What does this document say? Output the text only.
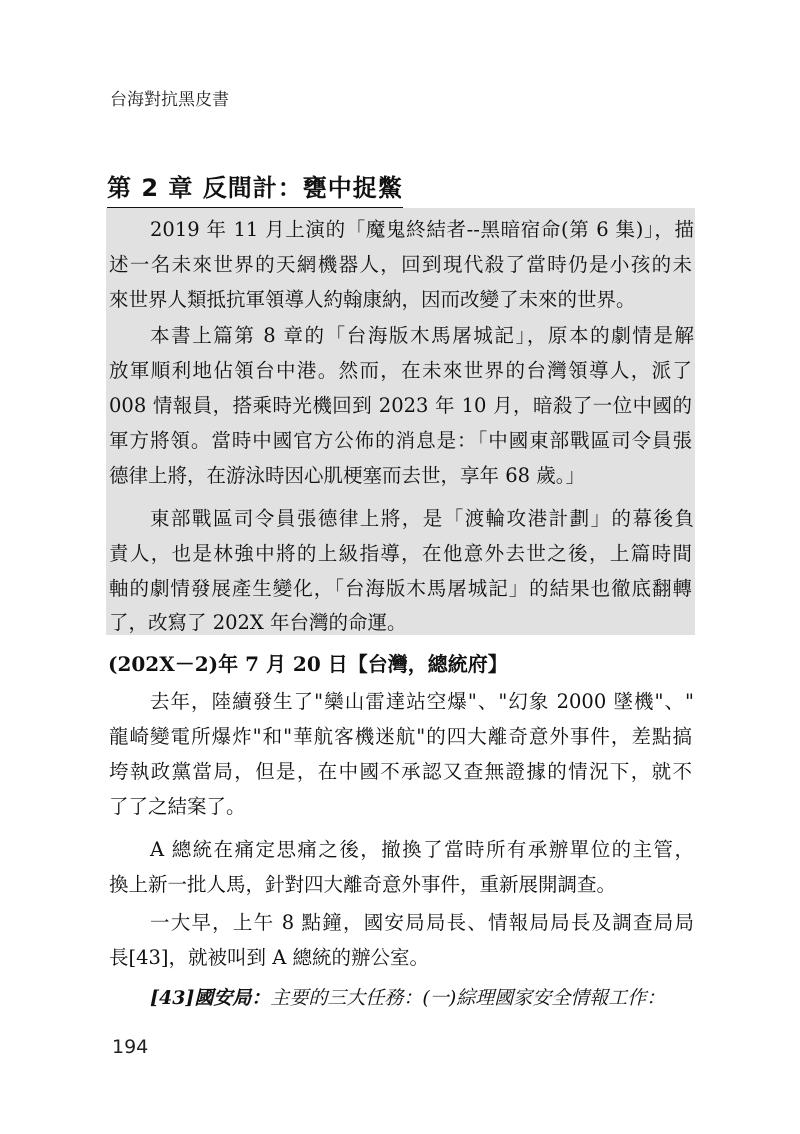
台海對抗黑皮書
第 2 章 反間計：甕中捉鱉
2019 年 11 月上演的「魔鬼終結者--黑暗宿命(第 6 集)」，描
述一名未來世界的天網機器人，回到現代殺了當時仍是小孩的未
來世界人類抵抗軍領導人約翰康納，因而改變了未來的世界。
本書上篇第 8 章的「台海版木馬屠城記」，原本的劇情是解
放軍順利地佔領台中港。然而，在未來世界的台灣領導人，派了
008 情報員，搭乘時光機回到 2023 年 10 月，暗殺了一位中國的
軍方將領。當時中國官方公佈的消息是：「中國東部戰區司令員張
德律上將，在游泳時因心肌梗塞而去世，享年 68 歲。」
東部戰區司令員張德律上將，是「渡輪攻港計劃」的幕後負
責人，也是林強中將的上級指導，在他意外去世之後，上篇時間
軸的劇情發展產生變化，「台海版木馬屠城記」的結果也徹底翻轉
了，改寫了 202X 年台灣的命運。
(202X－2)年 7 月 20 日【台灣，總統府】
去年，陸續發生了"欒山雷達站空爆"、"幻象 2000 墜機"、"
龍崎變電所爆炸"和"華航客機迷航"的四大離奇意外事件，差點搞
垮執政黨當局，但是，在中國不承認又查無證據的情況下，就不
了了之結案了。
A 總統在痛定思痛之後，撤換了當時所有承辦單位的主管，
換上新一批人馬，針對四大離奇意外事件，重新展開調查。
一大早，上午 8 點鐘，國安局局長、情報局局長及調查局局
長[43]，就被叫到 A 總統的辦公室。
[43]國安局：主要的三大任務：(一)綜理國家安全情報工作：
194
